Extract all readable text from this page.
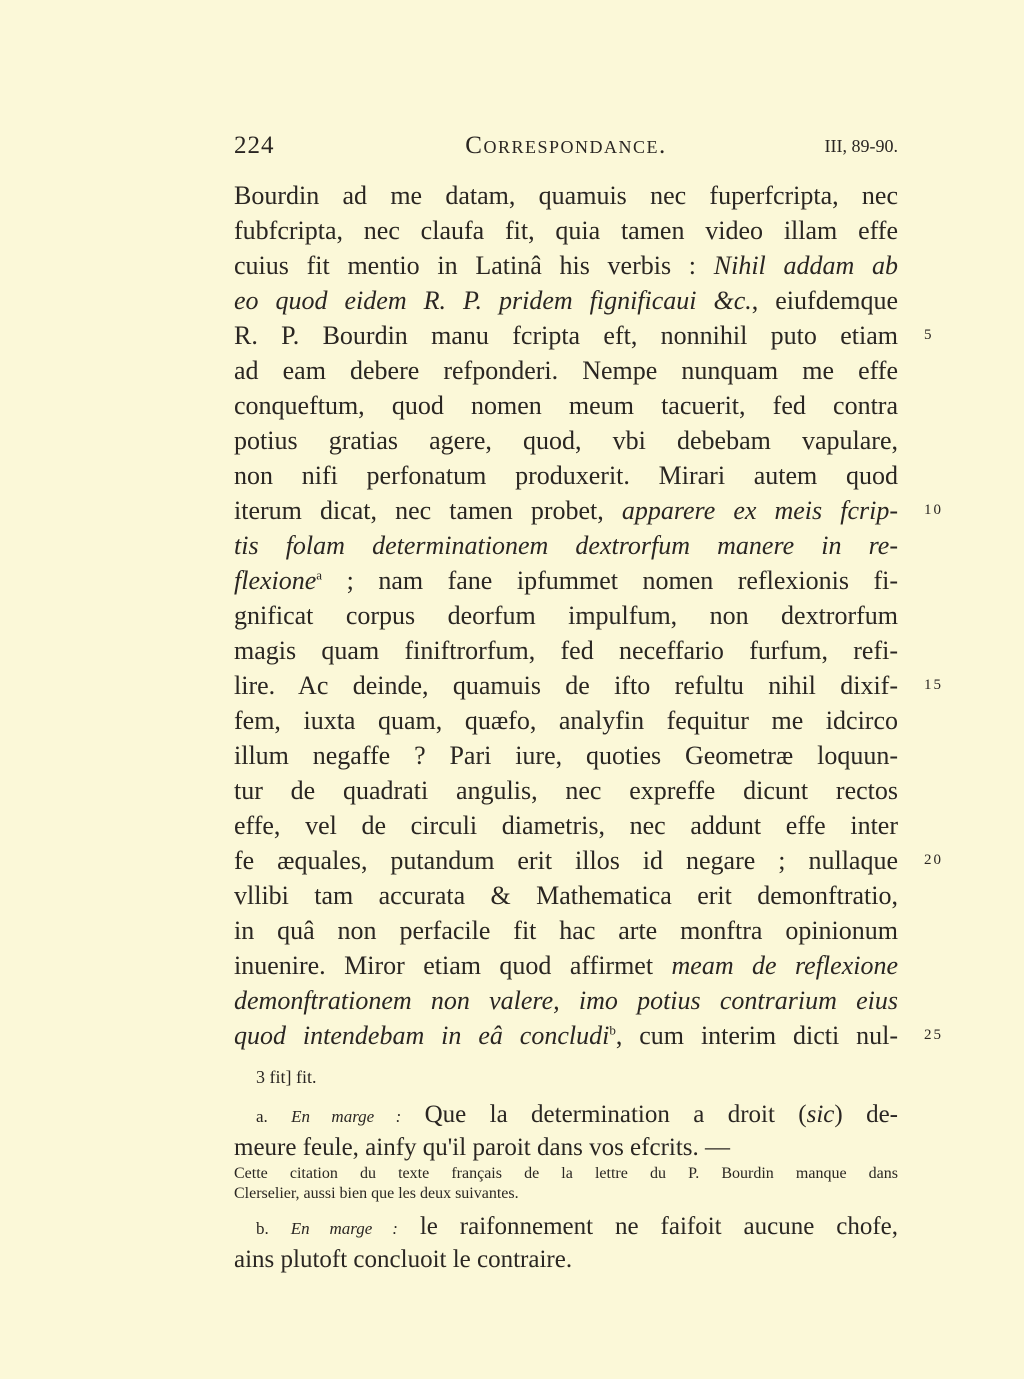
224	Correspondance.	III, 89-90.
Bourdin ad me datam, quamuis nec fuperfcripta, nec
fubfcripta, nec claufa fit, quia tamen video illam effe
cuius fit mentio in Latinâ his verbis : Nihil addam ab
eo quod eidem R. P. pridem fignificaui &c., eiufdemque
R. P. Bourdin manu fcripta eft, nonnihil puto etiam 5
ad eam debere refponderi. Nempe nunquam me effe
conqueftum, quod nomen meum tacuerit, fed contra
potius gratias agere, quod, vbi debebam vapulare,
non nifi perfonatum produxerit. Mirari autem quod
iterum dicat, nec tamen probet, apparere ex meis fcrip- 10
tis folam determinationem dextrorfum manere in re-
flexione$^a$ ; nam fane ipfummet nomen reflexionis fi-
gnificat corpus deorfum impulfum, non dextrorfum
magis quam finiftrorfum, fed neceffario furfum, refi-
lire. Ac deinde, quamuis de ifto refultu nihil dixif- 15
fem, iuxta quam, quæfo, analyfin fequitur me idcirco
illum negaffe ? Pari iure, quoties Geometræ loquun-
tur de quadrati angulis, nec expreffe dicunt rectos
effe, vel de circuli diametris, nec addunt effe inter
fe æquales, putandum erit illos id negare ; nullaque 20
vllibi tam accurata & Mathematica erit demonftratio,
in quâ non perfacile fit hac arte monftra opinionum
inuenire. Miror etiam quod affirmet meam de reflexione
demonftrationem non valere, imo potius contrarium eius
quod intendebam in eâ concludi$^b$, cum interim dicti nul- 25
3 fit] fit.
a. En marge : Que la determination a droit (sic) de-
meure feule, ainfy qu'il paroit dans vos efcrits. —
Cette citation du texte français de la lettre du P. Bourdin manque dans
Clerselier, aussi bien que les deux suivantes.
b. En marge : le raifonnement ne faifoit aucune chofe,
ains plutoft concluoit le contraire.
